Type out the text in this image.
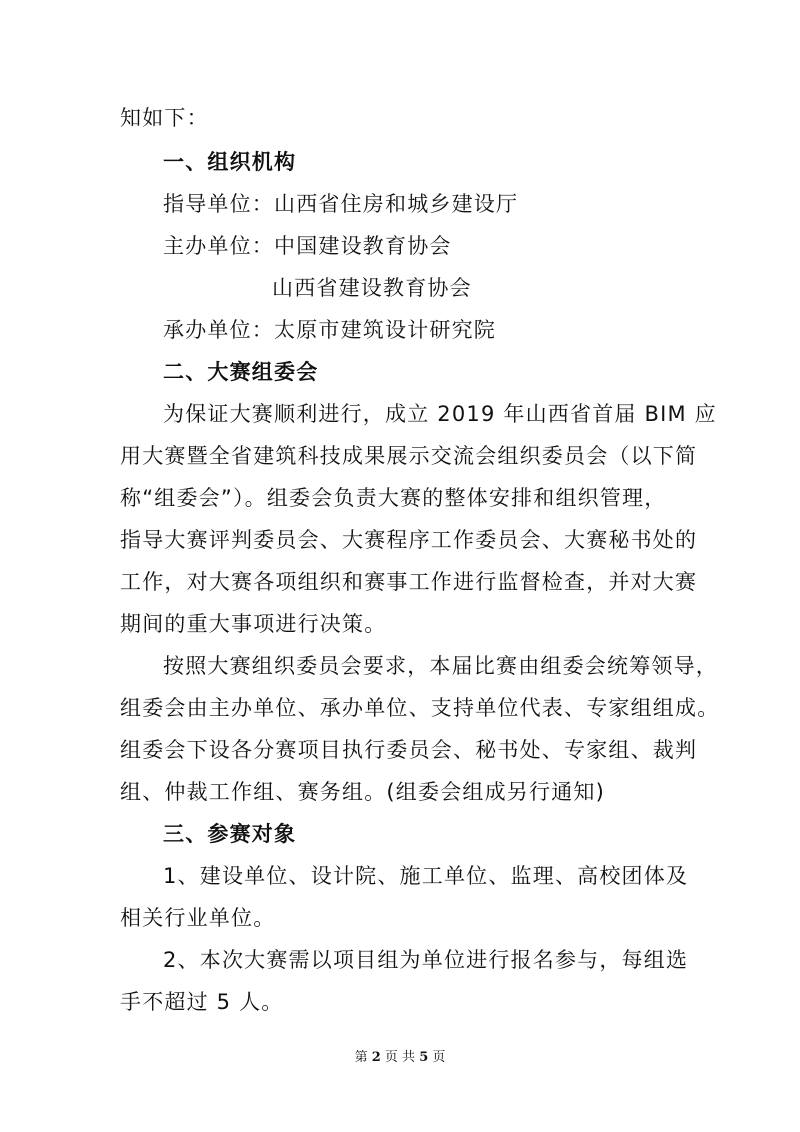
知如下：
一、组织机构
指导单位：山西省住房和城乡建设厅
主办单位：中国建设教育协会
山西省建设教育协会
承办单位：太原市建筑设计研究院
二、大赛组委会
为保证大赛顺利进行，成立 2019 年山西省首届 BIM 应
用大赛暨全省建筑科技成果展示交流会组织委员会（以下简
称“组委会”）。组委会负责大赛的整体安排和组织管理，
指导大赛评判委员会、大赛程序工作委员会、大赛秘书处的
工作，对大赛各项组织和赛事工作进行监督检查，并对大赛
期间的重大事项进行决策。
按照大赛组织委员会要求，本届比赛由组委会统筹领导，
组委会由主办单位、承办单位、支持单位代表、专家组组成。
组委会下设各分赛项目执行委员会、秘书处、专家组、裁判
组、仲裁工作组、赛务组。(组委会组成另行通知)
三、参赛对象
1、建设单位、设计院、施工单位、监理、高校团体及
相关行业单位。
2、本次大赛需以项目组为单位进行报名参与，每组选
手不超过 5 人。
第 2 页 共 5 页
